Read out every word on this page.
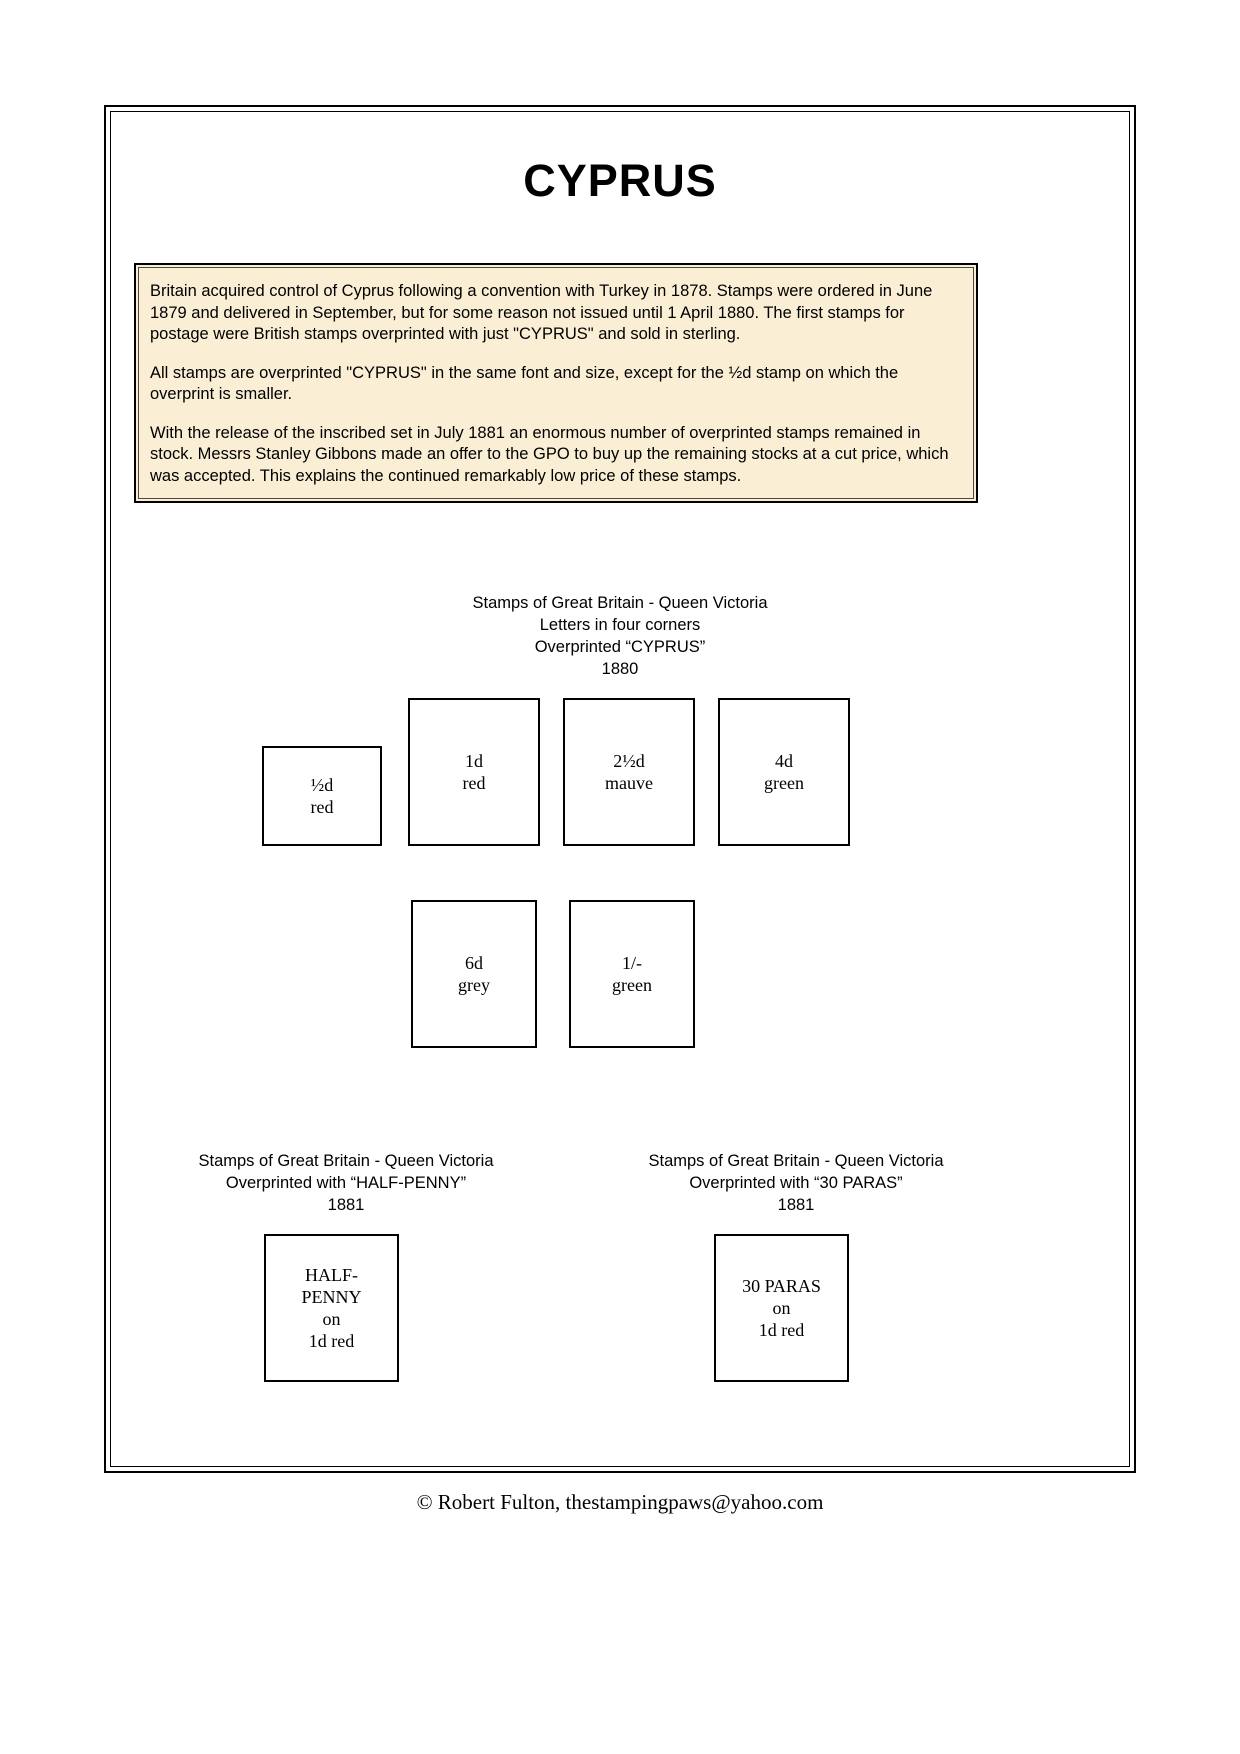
CYPRUS

Britain acquired control of Cyprus following a convention with Turkey in 1878. Stamps were ordered in June 1879 and delivered in September, but for some reason not issued until 1 April 1880. The first stamps for postage were British stamps overprinted with just "CYPRUS" and sold in sterling.

All stamps are overprinted "CYPRUS" in the same font and size, except for the ½d stamp on which the overprint is smaller.

With the release of the inscribed set in July 1881 an enormous number of overprinted stamps remained in stock. Messrs Stanley Gibbons made an offer to the GPO to buy up the remaining stocks at a cut price, which was accepted. This explains the continued remarkably low price of these stamps.

Stamps of Great Britain - Queen Victoria
Letters in four corners
Overprinted “CYPRUS”
1880
½d
red
1d
red
2½d
mauve
4d
green
6d
grey
1/-
green
Stamps of Great Britain - Queen Victoria
Overprinted with “HALF-PENNY”
1881
Stamps of Great Britain - Queen Victoria
Overprinted with “30 PARAS”
1881
HALF-
PENNY
on
1d red
30 PARAS
on
1d red
© Robert Fulton, thestampingpaws@yahoo.com
